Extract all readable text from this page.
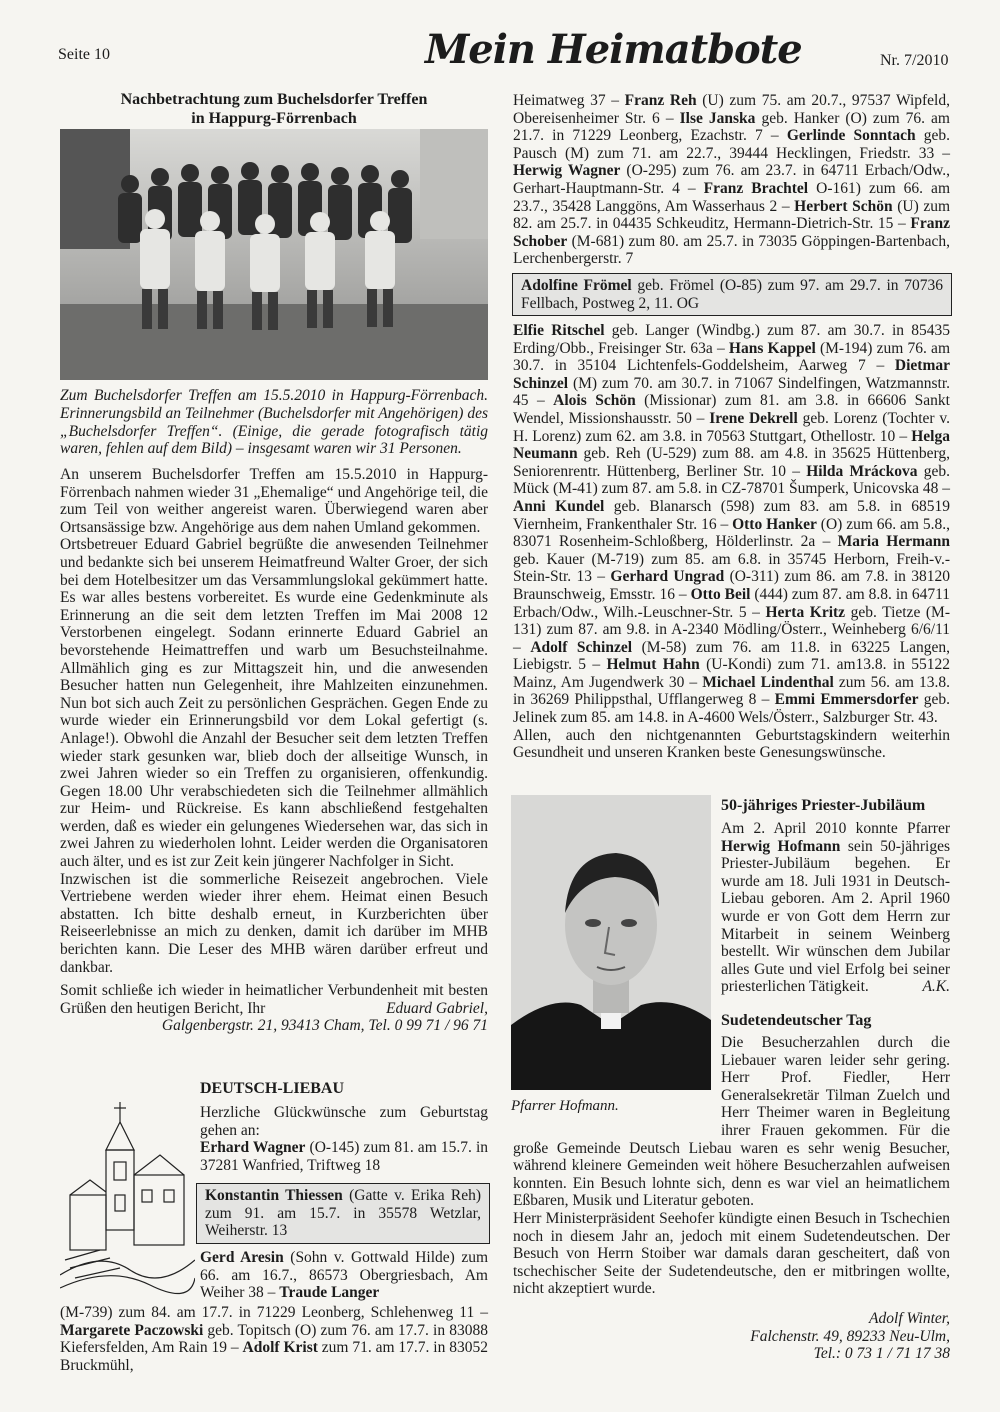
Seite 10	Mein Heimatbote	Nr. 7/2010
Nachbetrachtung zum Buchelsdorfer Treffen
in Happurg-Förrenbach
Zum Buchelsdorfer Treffen am 15.5.2010 in Happurg-Förrenbach. Erinnerungsbild an Teilnehmer (Buchelsdorfer mit Angehörigen) des „Buchelsdorfer Treffen“. (Einige, die gerade fotografisch tätig waren, fehlen auf dem Bild) – insgesamt waren wir 31 Personen.

An unserem Buchelsdorfer Treffen am 15.5.2010 in Happurg-Förrenbach nahmen wieder 31 „Ehemalige“ und Angehörige teil, die zum Teil von weither angereist waren. Überwiegend waren aber Ortsansässige bzw. Angehörige aus dem nahen Umland gekommen.

Ortsbetreuer Eduard Gabriel begrüßte die anwesenden Teilnehmer und bedankte sich bei unserem Heimatfreund Walter Groer, der sich bei dem Hotelbesitzer um das Versammlungslokal gekümmert hatte. Es war alles bestens vorbereitet. Es wurde eine Gedenkminute als Erinnerung an die seit dem letzten Treffen im Mai 2008 12 Verstorbenen eingelegt. Sodann erinnerte Eduard Gabriel an bevorstehende Heimattreffen und warb um Besuchsteilnahme. Allmählich ging es zur Mittagszeit hin, und die anwesenden Besucher hatten nun Gelegenheit, ihre Mahlzeiten einzunehmen. Nun bot sich auch Zeit zu persönlichen Gesprächen. Gegen Ende zu wurde wieder ein Erinnerungsbild vor dem Lokal gefertigt (s. Anlage!). Obwohl die Anzahl der Besucher seit dem letzten Treffen wieder stark gesunken war, blieb doch der allseitige Wunsch, in zwei Jahren wieder so ein Treffen zu organisieren, offenkundig. Gegen 18.00 Uhr verabschiedeten sich die Teilnehmer allmählich zur Heim- und Rückreise. Es kann abschließend festgehalten werden, daß es wieder ein gelungenes Wiedersehen war, das sich in zwei Jahren zu wiederholen lohnt. Leider werden die Organisatoren auch älter, und es ist zur Zeit kein jüngerer Nachfolger in Sicht.

Inzwischen ist die sommerliche Reisezeit angebrochen. Viele Vertriebene werden wieder ihrer ehem. Heimat einen Besuch abstatten. Ich bitte deshalb erneut, in Kurzberichten über Reiseerlebnisse an mich zu denken, damit ich darüber im MHB berichten kann. Die Leser des MHB wären darüber erfreut und dankbar.

Somit schließe ich wieder in heimatlicher Verbundenheit mit besten Grüßen den heutigen Bericht, Ihr	Eduard Gabriel,

Galgenbergstr. 21, 93413 Cham, Tel. 0 99 71 / 96 71

DEUTSCH-LIEBAU

Herzliche Glückwünsche zum Geburtstag gehen an:

Erhard Wagner (O-145) zum 81. am 15.7. in 37281 Wanfried, Triftweg 18

Konstantin Thiessen (Gatte v. Erika Reh) zum 91. am 15.7. in 35578 Wetzlar, Weiherstr. 13
Gerd Aresin (Sohn v. Gottwald Hilde) zum 66. am 16.7., 86573 Obergriesbach, Am Weiher 38 – Traude Langer
(M-739) zum 84. am 17.7. in 71229 Leonberg, Schlehenweg 11 – Margarete Paczowski geb. Topitsch (O) zum 76. am 17.7. in 83088 Kiefersfelden, Am Rain 19 – Adolf Krist zum 71. am 17.7. in 83052 Bruckmühl,
Heimatweg 37 – Franz Reh (U) zum 75. am 20.7., 97537 Wipfeld, Obereisenheimer Str. 6 – Ilse Janska geb. Hanker (O) zum 76. am 21.7. in 71229 Leonberg, Ezachstr. 7 – Gerlinde Sonntach geb. Pausch (M) zum 71. am 22.7., 39444 Hecklingen, Friedstr. 33 – Herwig Wagner (O-295) zum 76. am 23.7. in 64711 Erbach/Odw., Gerhart-Hauptmann-Str. 4 – Franz Brachtel O-161) zum 66. am 23.7., 35428 Langgöns, Am Wasserhaus 2 – Herbert Schön (U) zum 82. am 25.7. in 04435 Schkeuditz, Hermann-Dietrich-Str. 15 – Franz Schober (M-681) zum 80. am 25.7. in 73035 Göppingen-Bartenbach, Lerchenbergerstr. 7
Adolfine Frömel geb. Frömel (O-85) zum 97. am 29.7. in 70736 Fellbach, Postweg 2, 11. OG
Elfie Ritschel geb. Langer (Windbg.) zum 87. am 30.7. in 85435 Erding/Obb., Freisinger Str. 63a – Hans Kappel (M-194) zum 76. am 30.7. in 35104 Lichtenfels-Goddelsheim, Aarweg 7 – Dietmar Schinzel (M) zum 70. am 30.7. in 71067 Sindelfingen, Watzmannstr. 45 – Alois Schön (Missionar) zum 81. am 3.8. in 66606 Sankt Wendel, Missionshausstr. 50 – Irene Dekrell geb. Lorenz (Tochter v. H. Lorenz) zum 62. am 3.8. in 70563 Stuttgart, Othellostr. 10 – Helga Neumann geb. Reh (U-529) zum 88. am 4.8. in 35625 Hüttenberg, Seniorenrentr. Hüttenberg, Berliner Str. 10 – Hilda Mráckova geb. Mück (M-41) zum 87. am 5.8. in CZ-78701 Šumperk, Unicovska 48 – Anni Kundel geb. Blanarsch (598) zum 83. am 5.8. in 68519 Viernheim, Frankenthaler Str. 16 – Otto Hanker (O) zum 66. am 5.8., 83071 Rosenheim-Schloßberg, Hölderlinstr. 2a – Maria Hermann geb. Kauer (M-719) zum 85. am 6.8. in 35745 Herborn, Freih-v.-Stein-Str. 13 – Gerhard Ungrad (O-311) zum 86. am 7.8. in 38120 Braunschweig, Emsstr. 16 – Otto Beil (444) zum 87. am 8.8. in 64711 Erbach/Odw., Wilh.-Leuschner-Str. 5 – Herta Kritz geb. Tietze (M-131) zum 87. am 9.8. in A-2340 Mödling/Österr., Weinheberg 6/6/11 – Adolf Schinzel (M-58) zum 76. am 11.8. in 63225 Langen, Liebigstr. 5 – Helmut Hahn (U-Kondi) zum 71. am13.8. in 55122 Mainz, Am Jugendwerk 30 – Michael Lindenthal zum 56. am 13.8. in 36269 Philippsthal, Ufflangerweg 8 – Emmi Emmersdorfer geb. Jelinek zum 85. am 14.8. in A-4600 Wels/Österr., Salzburger Str. 43.

Allen, auch den nichtgenannten Geburtstagskindern weiterhin Gesundheit und unseren Kranken beste Genesungswünsche.

Pfarrer Hofmann.
50-jähriges Priester-Jubiläum
Am 2. April 2010 konnte Pfarrer Herwig Hofmann sein 50-jähriges Priester-Jubiläum begehen. Er wurde am 18. Juli 1931 in Deutsch-Liebau geboren. Am 2. April 1960 wurde er von Gott dem Herrn zur Mitarbeit in seinem Weinberg bestellt. Wir wünschen dem Jubilar alles Gute und viel Erfolg bei seiner priesterlichen Tätigkeit.	A.K.
Sudetendeutscher Tag

Die Besucherzahlen durch die Liebauer waren leider sehr gering. Herr Prof. Fiedler, Herr Generalsekretär Tilman Zuelch und Herr Theimer waren in Begleitung ihrer Frauen gekommen. Für die große Gemeinde Deutsch Liebau waren es sehr wenig Besucher, während kleinere Gemeinden weit höhere Besucherzahlen aufweisen konnten. Ein Besuch lohnte sich, denn es war viel an heimatlichem Eßbaren, Musik und Literatur geboten.

Herr Ministerpräsident Seehofer kündigte einen Besuch in Tschechien noch in diesem Jahr an, jedoch mit einem Sudetendeutschen. Der Besuch von Herrn Stoiber war damals daran gescheitert, daß von tschechischer Seite der Sudetendeutsche, den er mitbringen wollte, nicht akzeptiert wurde.

Adolf Winter,
Falchenstr. 49, 89233 Neu-Ulm,
Tel.: 0 73 1 / 71 17 38
